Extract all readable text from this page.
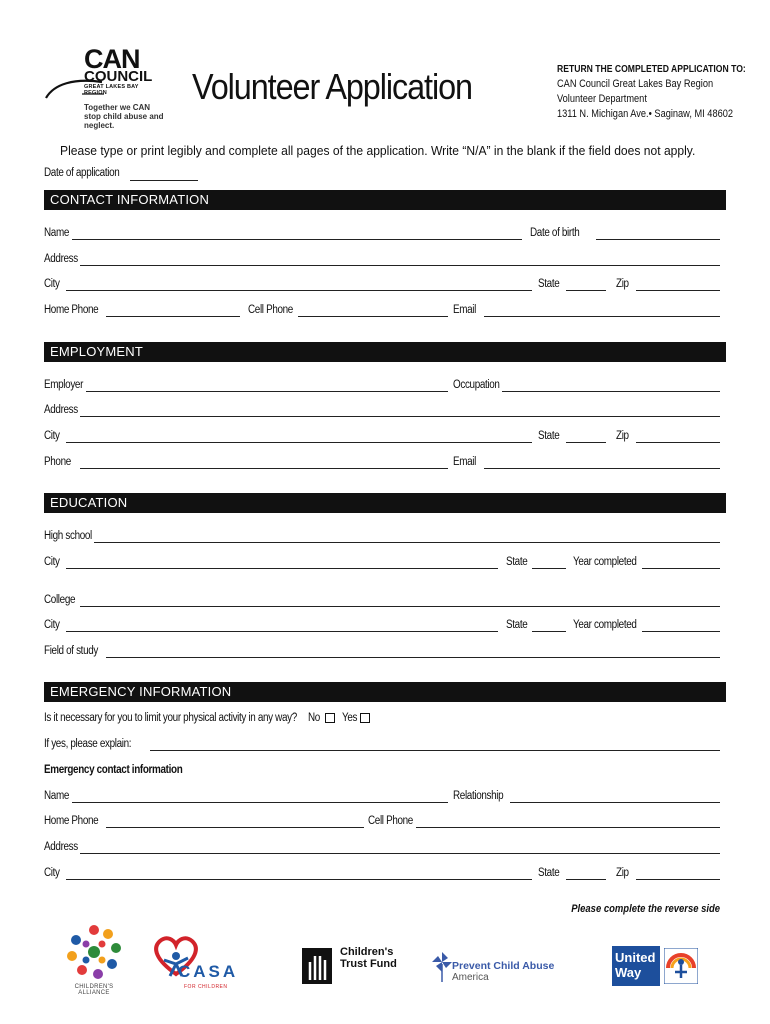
CAN
COUNCIL
GREAT LAKES BAY REGION
Together we CAN stop child abuse and neglect.
Volunteer Application	RETURN THE COMPLETED APPLICATION TO:
CAN Council Great Lakes Bay Region
Volunteer Department
1311 N. Michigan Ave.• Saginaw, MI 48602
Please type or print legibly and complete all pages of the application. Write “N/A” in the blank if the field does not apply.
Date of application
CONTACT INFORMATION
Name	Date of birth
Address
City	State	Zip
Home Phone	Cell Phone	Email
EMPLOYMENT
Employer	Occupation
Address
City	State	Zip
Phone	Email
EDUCATION
High school
City	State	Year completed
College
City	State	Year completed
Field of study
EMERGENCY INFORMATION
Is it necessary for you to limit your physical activity in any way? No Yes
If yes, please explain:
Emergency contact information
Name	Relationship
Home Phone	Cell Phone
Address
City	State	Zip
Please complete the reverse side
CHILDREN'S ALLIANCE
CASA
FOR CHILDREN
Children's
Trust Fund	Prevent Child Abuse
America
United
Way
